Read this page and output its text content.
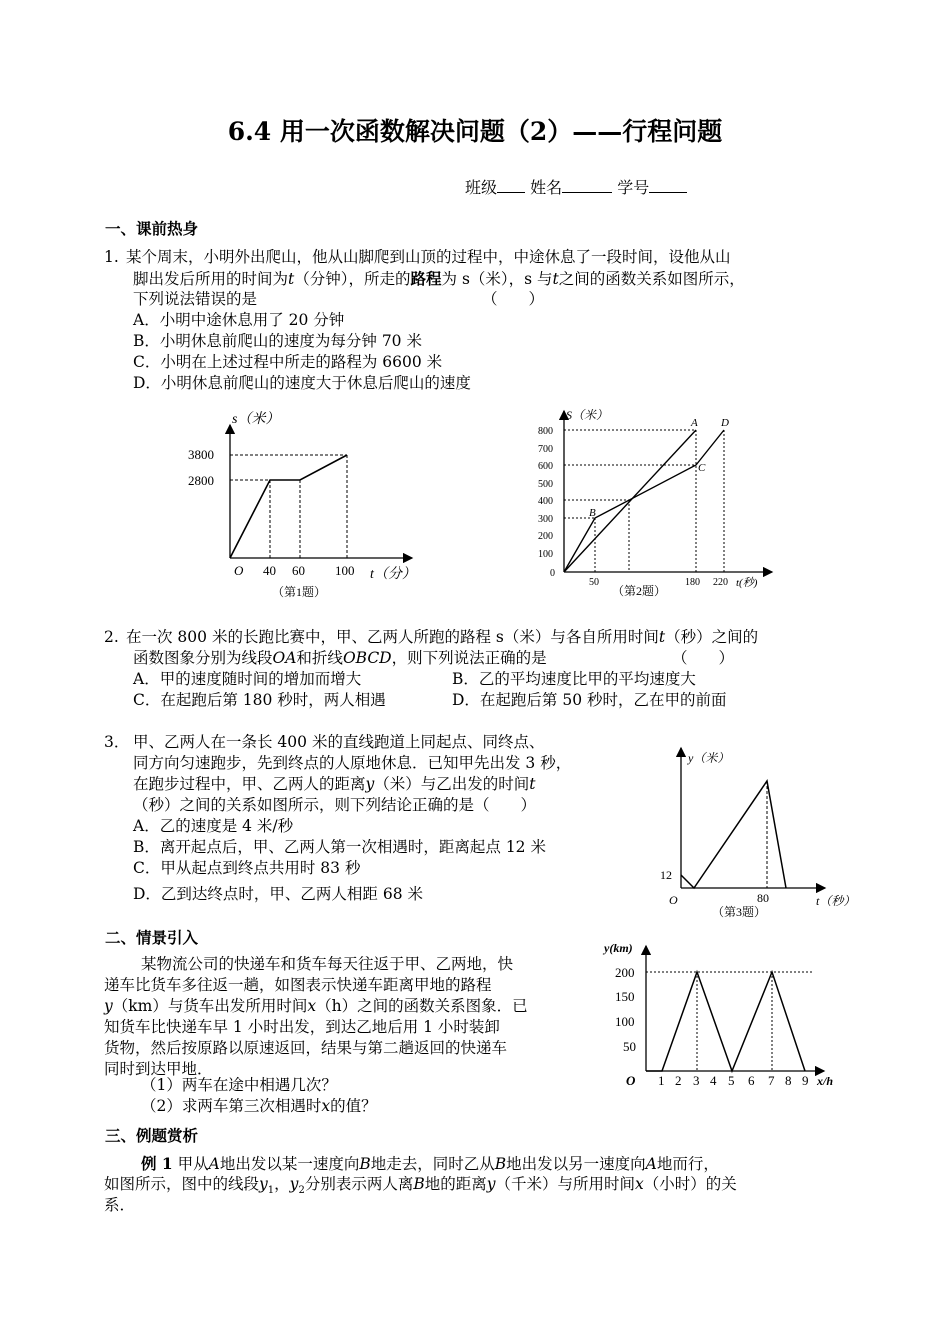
6.4 用一次函数解决问题（2）——行程问题
班级 姓名	学号
一、课前热身
1. 某个周末，小明外出爬山，他从山脚爬到山顶的过程中，中途休息了一段时间，设他从山
脚出发后所用的时间为t（分钟），所走的路程为 s（米），s 与t之间的函数关系如图所示，
下列说法错误的是	（　　）
A．小明中途休息用了 20 分钟
B．小明休息前爬山的速度为每分钟 70 米
C．小明在上述过程中所走的路程为 6600 米
D．小明休息前爬山的速度大于休息后爬山的速度
s（米）
3800
2800
O 40 60 100 t（分）
（第1题）
S（米）
800
700
600
500
400
300
200
100
0
A D
C
B
50	180 220 t(秒)
（第2题）
2. 在一次 800 米的长跑比赛中，甲、乙两人所跑的路程 s（米）与各自所用时间t（秒）之间的
函数图象分别为线段OA和折线OBCD，则下列说法正确的是	（　　）
A．甲的速度随时间的增加而增大	B．乙的平均速度比甲的平均速度大
C．在起跑后第 180 秒时，两人相遇	D．在起跑后第 50 秒时，乙在甲的前面
3． 甲、乙两人在一条长 400 米的直线跑道上同起点、同终点、
同方向匀速跑步，先到终点的人原地休息．已知甲先出发 3 秒，
在跑步过程中，甲、乙两人的距离y（米）与乙出发的时间t
（秒）之间的关系如图所示，则下列结论正确的是（　　）
A．乙的速度是 4 米/秒
B．离开起点后，甲、乙两人第一次相遇时，距离起点 12 米
C．甲从起点到终点共用时 83 秒
D．乙到达终点时，甲、乙两人相距 68 米
y（米）
12
O	80	t（秒）
（第3题）
二、情景引入
某物流公司的快递车和货车每天往返于甲、乙两地，快
递车比货车多往返一趟，如图表示快递车距离甲地的路程
y（km）与货车出发所用时间x（h）之间的函数关系图象．已
知货车比快递车早 1 小时出发，到达乙地后用 1 小时装卸
货物，然后按原路以原速返回，结果与第二趟返回的快递车
同时到达甲地．
（1）两车在途中相遇几次？
（2）求两车第三次相遇时x的值？
y(km)
200
150
100
50
O 1 2 3 4 5 6 7 8 9 x/h
三、例题赏析
例 1 甲从A地出发以某一速度向B地走去，同时乙从B地出发以另一速度向A地而行，
如图所示，图中的线段$y_1$，$y_2$分别表示两人离B地的距离y（千米）与所用时间x（小时）的关
系．
